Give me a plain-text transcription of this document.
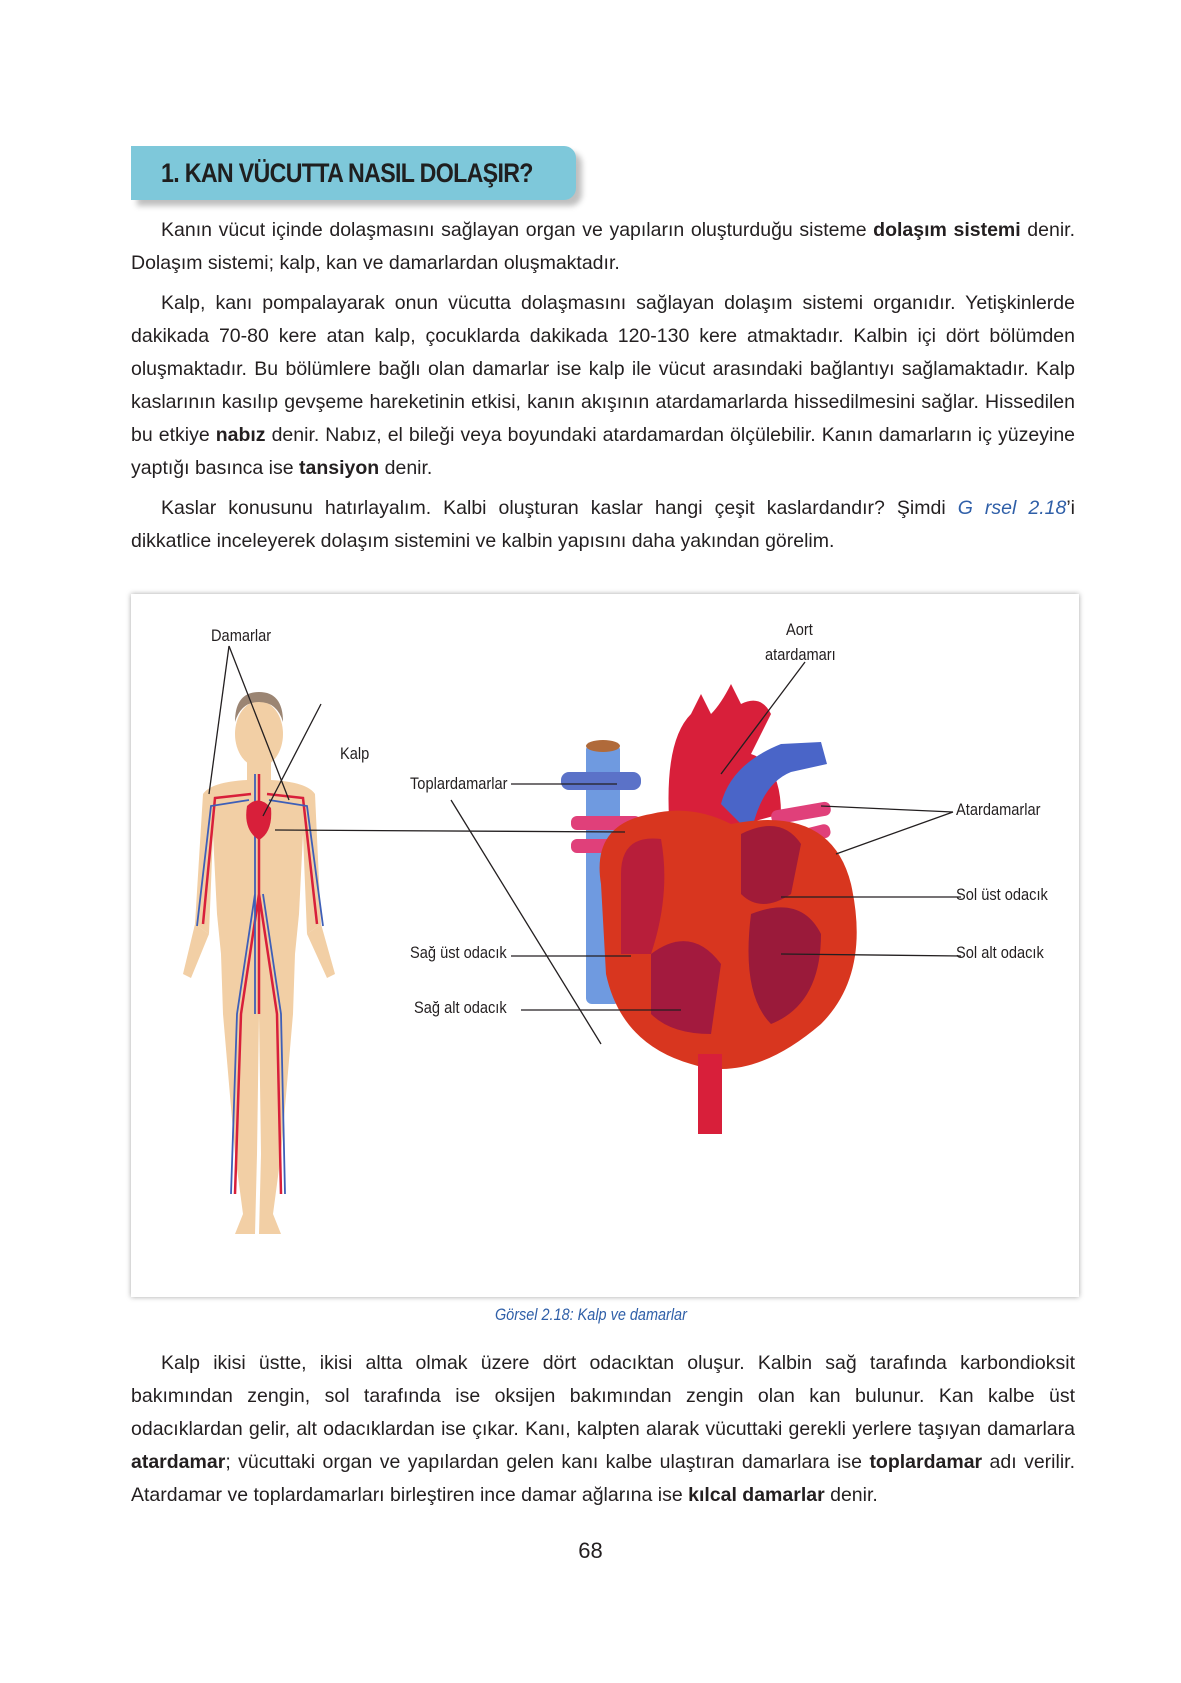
1. KAN VÜCUTTA NASIL DOLAŞIR?
Kanın vücut içinde dolaşmasını sağlayan organ ve yapıların oluşturduğu sisteme dolaşım sistemi denir. Dolaşım sistemi; kalp, kan ve damarlardan oluşmaktadır.
Kalp, kanı pompalayarak onun vücutta dolaşmasını sağlayan dolaşım sistemi organıdır. Yetişkinlerde dakikada 70-80 kere atan kalp, çocuklarda dakikada 120-130 kere atmaktadır. Kalbin içi dört bölümden oluşmaktadır. Bu bölümlere bağlı olan damarlar ise kalp ile vücut arasındaki bağlantıyı sağlamaktadır. Kalp kaslarının kasılıp gevşeme hareketinin etkisi, kanın akışının atardamarlarda hissedilmesini sağlar. Hissedilen bu etkiye nabız denir. Nabız, el bileği veya boyundaki atardamardan ölçülebilir. Kanın damarların iç yüzeyine yaptığı basınca ise tansiyon denir.
Kaslar konusunu hatırlayalım. Kalbi oluşturan kaslar hangi çeşit kaslardandır? Şimdi G rsel 2.18’i dikkatlice inceleyerek dolaşım sistemini ve kalbin yapısını daha yakından görelim.
Damarlar
Kalp
Aort
atardamarı
Toplardamarlar
Atardamarlar
Sol üst odacık
Sol alt odacık
Sağ üst odacık
Sağ alt odacık
Görsel 2.18: Kalp ve damarlar
Kalp ikisi üstte, ikisi altta olmak üzere dört odacıktan oluşur. Kalbin sağ tarafında karbondioksit bakımından zengin, sol tarafında ise oksijen bakımından zengin olan kan bulunur. Kan kalbe üst odacıklardan gelir, alt odacıklardan ise çıkar. Kanı, kalpten alarak vücuttaki gerekli yerlere taşıyan damarlara atardamar; vücuttaki organ ve yapılardan gelen kanı kalbe ulaştıran damarlara ise toplardamar adı verilir. Atardamar ve toplardamarları birleştiren ince damar ağlarına ise kılcal damarlar denir.
68
